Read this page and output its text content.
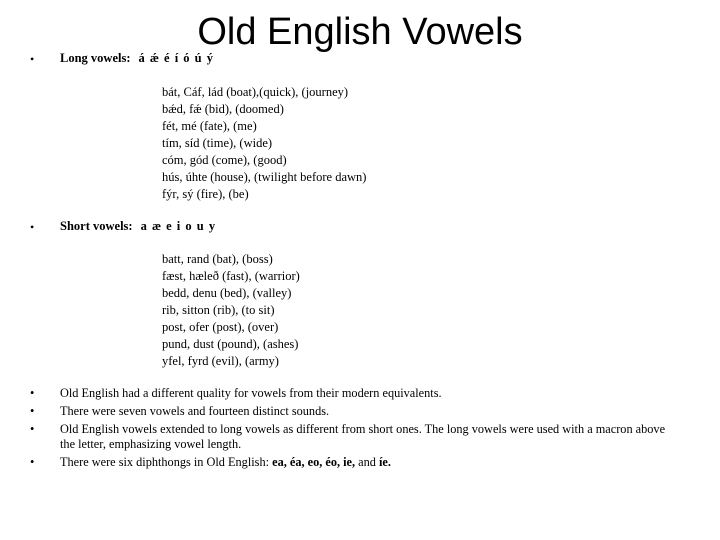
Old English Vowels
• Long vowels: á ǽ é í ó ú ý
bát, Cáf, lád (boat),(quick), (journey)
bǽd, fǽ (bid), (doomed)
fét, mé (fate), (me)
tím, síd (time), (wide)
cóm, gód (come), (good)
hús, úhte (house), (twilight before dawn)
fýr, sý (fire), (be)
• Short vowels: a æ e i o u y
batt, rand (bat), (boss)
fæst, hæleð (fast), (warrior)
bedd, denu (bed), (valley)
rib, sitton (rib), (to sit)
post, ofer (post), (over)
pund, dust (pound), (ashes)
yfel, fyrd (evil), (army)
• Old English had a different quality for vowels from their modern equivalents.
• There were seven vowels and fourteen distinct sounds.
• Old English vowels extended to long vowels as different from short ones. The long vowels were used with a macron above the letter, emphasizing vowel length.
• There were six diphthongs in Old English: ea, éa, eo, éo, ie, and íe.
